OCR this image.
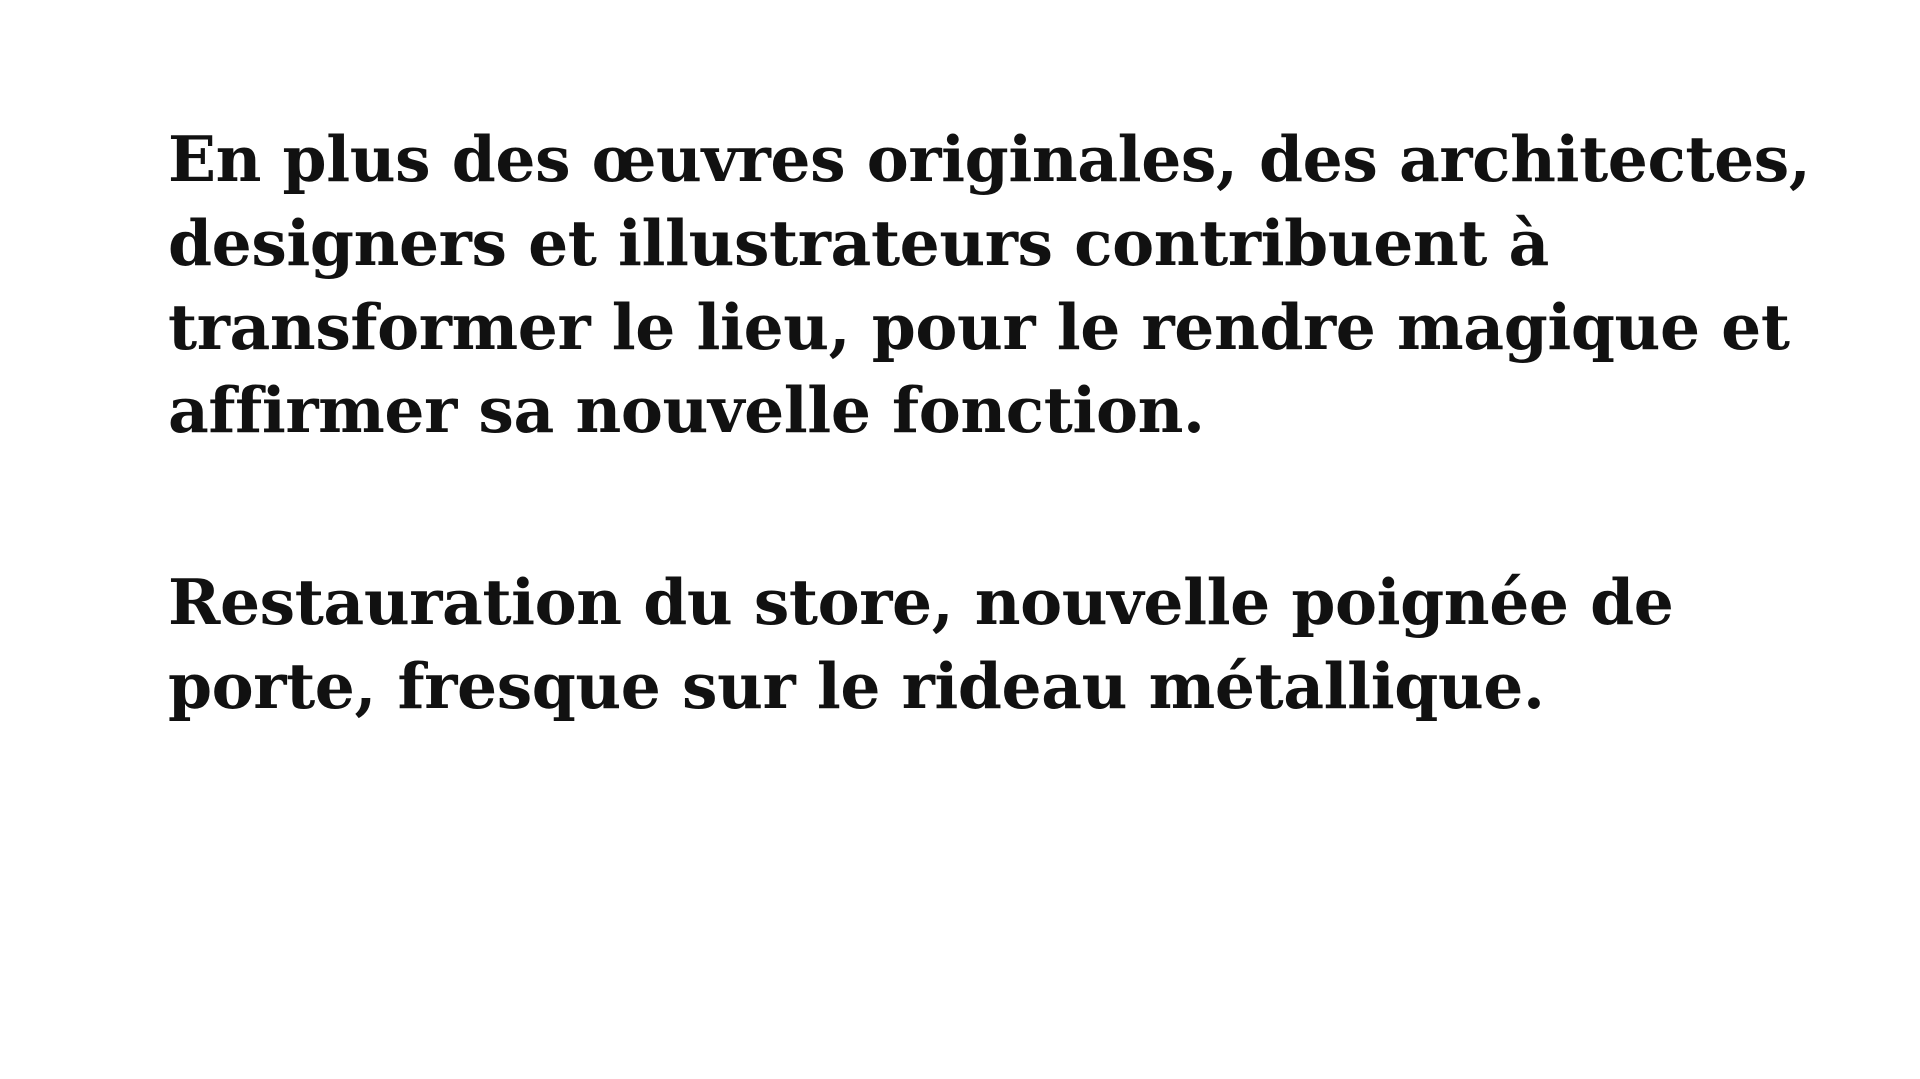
En plus des œuvres originales, des architectes, designers et illustrateurs contribuent à transformer le lieu, pour le rendre magique et affirmer sa nouvelle fonction.

Restauration du store, nouvelle poignée de porte, fresque sur le rideau métallique.
